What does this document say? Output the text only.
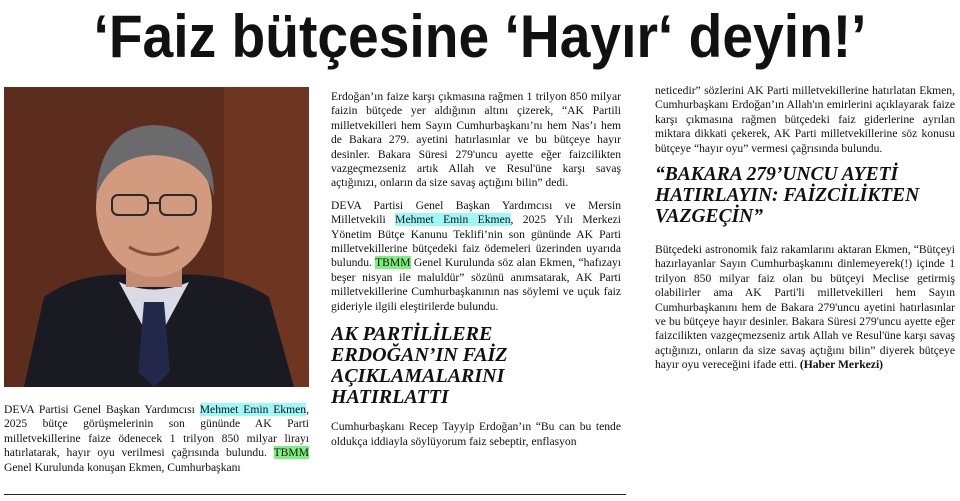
‘Faiz bütçesine ‘Hayır‘ deyin!’
DEVA Partisi Genel Başkan Yardımcısı Mehmet Emin Ekmen, 2025 bütçe görüşmelerinin son gününde AK Parti milletvekillerine faize ödenecek 1 trilyon 850 milyar lirayı hatırlatarak, hayır oyu verilmesi çağrısında bulundu. TBMM Genel Kurulunda konuşan Ekmen, Cumhurbaşkanı

Erdoğan’ın faize karşı çıkmasına rağmen 1 trilyon 850 milyar faizin bütçede yer aldığının altını çizerek, “AK Partili milletvekilleri hem Sayın Cumhurbaşkanı’nı hem Nas’ı hem de Bakara 279. ayetini hatırlasınlar ve bu bütçeye hayır desinler. Bakara Süresi 279'uncu ayette eğer faizcilikten vazgeçmezseniz artık Allah ve Resul'üne karşı savaş açtığınızı, onların da size savaş açtığını bilin” dedi.

DEVA Partisi Genel Başkan Yardımcısı ve Mersin Milletvekili Mehmet Emin Ekmen, 2025 Yılı Merkezi Yönetim Bütçe Kanunu Teklifi’nin son gününde AK Parti milletvekillerine bütçedeki faiz ödemeleri üzerinden uyarıda bulundu. TBMM Genel Kurulunda söz alan Ekmen, “hafızayı beşer nisyan ile maluldür” sözünü anımsatarak, AK Parti milletvekillerine Cumhurbaşkanının nas söylemi ve uçuk faiz gideriyle ilgili eleştirilerde bulundu.

AK PARTİLİLERE ERDOĞAN’IN FAİZ AÇIKLAMALARINI HATIRLATTI

Cumhurbaşkanı Recep Tayyip Erdoğan’ın “Bu can bu tende oldukça iddiayla söylüyorum faiz sebeptir, enflasyon

neticedir” sözlerini AK Parti milletvekillerine hatırlatan Ekmen, Cumhurbaşkanı Erdoğan’ın Allah'ın emirlerini açıklayarak faize karşı çıkmasına rağmen bütçedeki faiz giderlerine ayrılan miktara dikkati çekerek, AK Parti milletvekillerine söz konusu bütçeye “hayır oyu” vermesi çağrısında bulundu.

“BAKARA 279’UNCU AYETİ HATIRLAYIN: FAİZCİLİKTEN VAZGEÇİN”

Bütçedeki astronomik faiz rakamlarını aktaran Ekmen, “Bütçeyi hazırlayanlar Sayın Cumhurbaşkanını dinlemeyerek(!) içinde 1 trilyon 850 milyar faiz olan bu bütçeyi Meclise getirmiş olabilirler ama AK Parti'li milletvekilleri hem Sayın Cumhurbaşkanını hem de Bakara 279'uncu ayetini hatırlasınlar ve bu bütçeye hayır desinler. Bakara Süresi 279'uncu ayette eğer faizcilikten vazgeçmezseniz artık Allah ve Resul'üne karşı savaş açtığınızı, onların da size savaş açtığını bilin” diyerek bütçeye hayır oyu vereceğini ifade etti. (Haber Merkezi)
